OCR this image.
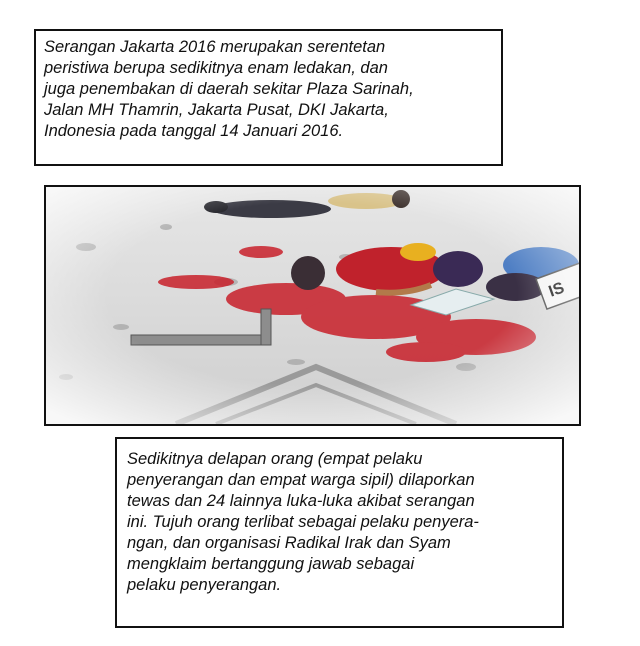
Serangan Jakarta 2016 merupakan serentetan
peristiwa berupa sedikitnya enam ledakan, dan
juga penembakan di daerah sekitar Plaza Sarinah,
Jalan MH Thamrin, Jakarta Pusat, DKI Jakarta,
Indonesia pada tanggal 14 Januari 2016.
Sedikitnya delapan orang (empat pelaku
penyerangan dan empat warga sipil) dilaporkan
tewas dan 24 lainnya luka-luka akibat serangan
ini. Tujuh orang terlibat sebagai pelaku penyera-
ngan, dan organisasi Radikal Irak dan Syam
mengklaim bertanggung jawab sebagai
pelaku penyerangan.
